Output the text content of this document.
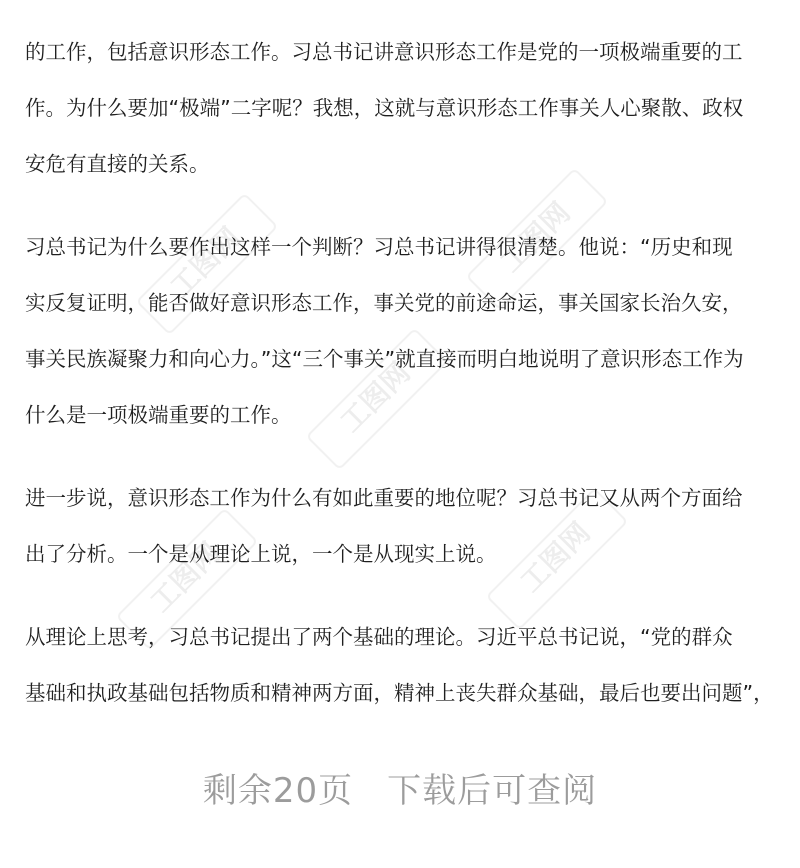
工图网	工图网
工图网
工图网	工图网
的工作，包括意识形态工作。习总书记讲意识形态工作是党的一项极端重要的工
作。为什么要加“极端”二字呢？我想，这就与意识形态工作事关人心聚散、政权
安危有直接的关系。
习总书记为什么要作出这样一个判断？习总书记讲得很清楚。他说：“历史和现
实反复证明，能否做好意识形态工作，事关党的前途命运，事关国家长治久安，
事关民族凝聚力和向心力。”这“三个事关”就直接而明白地说明了意识形态工作为
什么是一项极端重要的工作。
进一步说，意识形态工作为什么有如此重要的地位呢？习总书记又从两个方面给
出了分析。一个是从理论上说，一个是从现实上说。
从理论上思考，习总书记提出了两个基础的理论。习近平总书记说，“党的群众
基础和执政基础包括物质和精神两方面，精神上丧失群众基础，最后也要出问题”，
剩余20页 下载后可查阅
